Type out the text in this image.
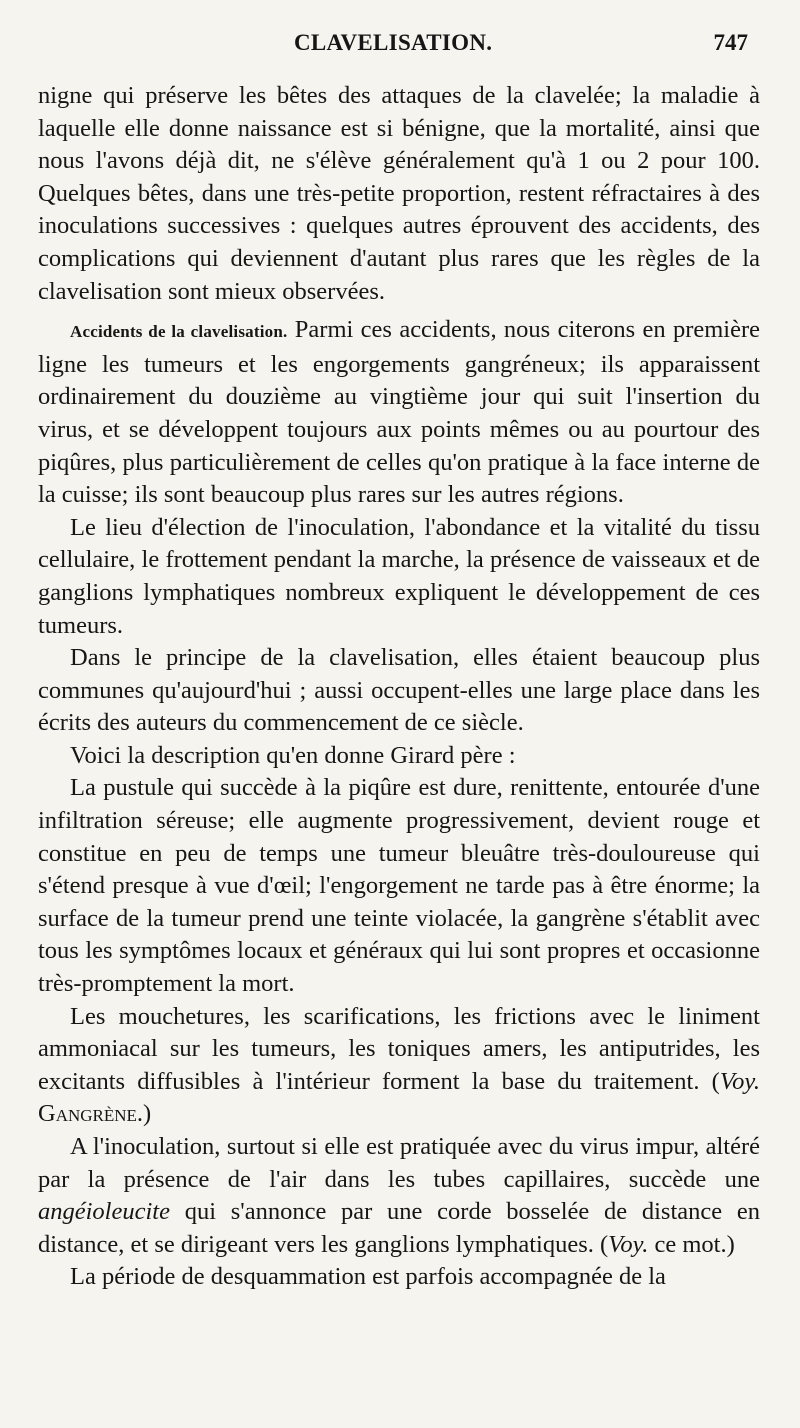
CLAVELISATION.	747

nigne qui préserve les bêtes des attaques de la clavelée; la maladie à laquelle elle donne naissance est si bénigne, que la mortalité, ainsi que nous l'avons déjà dit, ne s'élève généralement qu'à 1 ou 2 pour 100. Quelques bêtes, dans une très-petite proportion, restent réfractaires à des inoculations successives : quelques autres éprouvent des accidents, des complications qui deviennent d'autant plus rares que les règles de la clavelisation sont mieux observées.

Accidents de la clavelisation. Parmi ces accidents, nous citerons en première ligne les tumeurs et les engorgements gangréneux; ils apparaissent ordinairement du douzième au vingtième jour qui suit l'insertion du virus, et se développent toujours aux points mêmes ou au pourtour des piqûres, plus particulièrement de celles qu'on pratique à la face interne de la cuisse; ils sont beaucoup plus rares sur les autres régions.

Le lieu d'élection de l'inoculation, l'abondance et la vitalité du tissu cellulaire, le frottement pendant la marche, la présence de vaisseaux et de ganglions lymphatiques nombreux expliquent le développement de ces tumeurs.

Dans le principe de la clavelisation, elles étaient beaucoup plus communes qu'aujourd'hui ; aussi occupent-elles une large place dans les écrits des auteurs du commencement de ce siècle.

Voici la description qu'en donne Girard père :

La pustule qui succède à la piqûre est dure, renittente, entourée d'une infiltration séreuse; elle augmente progressivement, devient rouge et constitue en peu de temps une tumeur bleuâtre très-douloureuse qui s'étend presque à vue d'œil; l'engorgement ne tarde pas à être énorme; la surface de la tumeur prend une teinte violacée, la gangrène s'établit avec tous les symptômes locaux et généraux qui lui sont propres et occasionne très-promptement la mort.

Les mouchetures, les scarifications, les frictions avec le liniment ammoniacal sur les tumeurs, les toniques amers, les antiputrides, les excitants diffusibles à l'intérieur forment la base du traitement. (Voy. Gangrène.)

A l'inoculation, surtout si elle est pratiquée avec du virus impur, altéré par la présence de l'air dans les tubes capillaires, succède une angéioleucite qui s'annonce par une corde bosselée de distance en distance, et se dirigeant vers les ganglions lymphatiques. (Voy. ce mot.)

La période de desquammation est parfois accompagnée de la
